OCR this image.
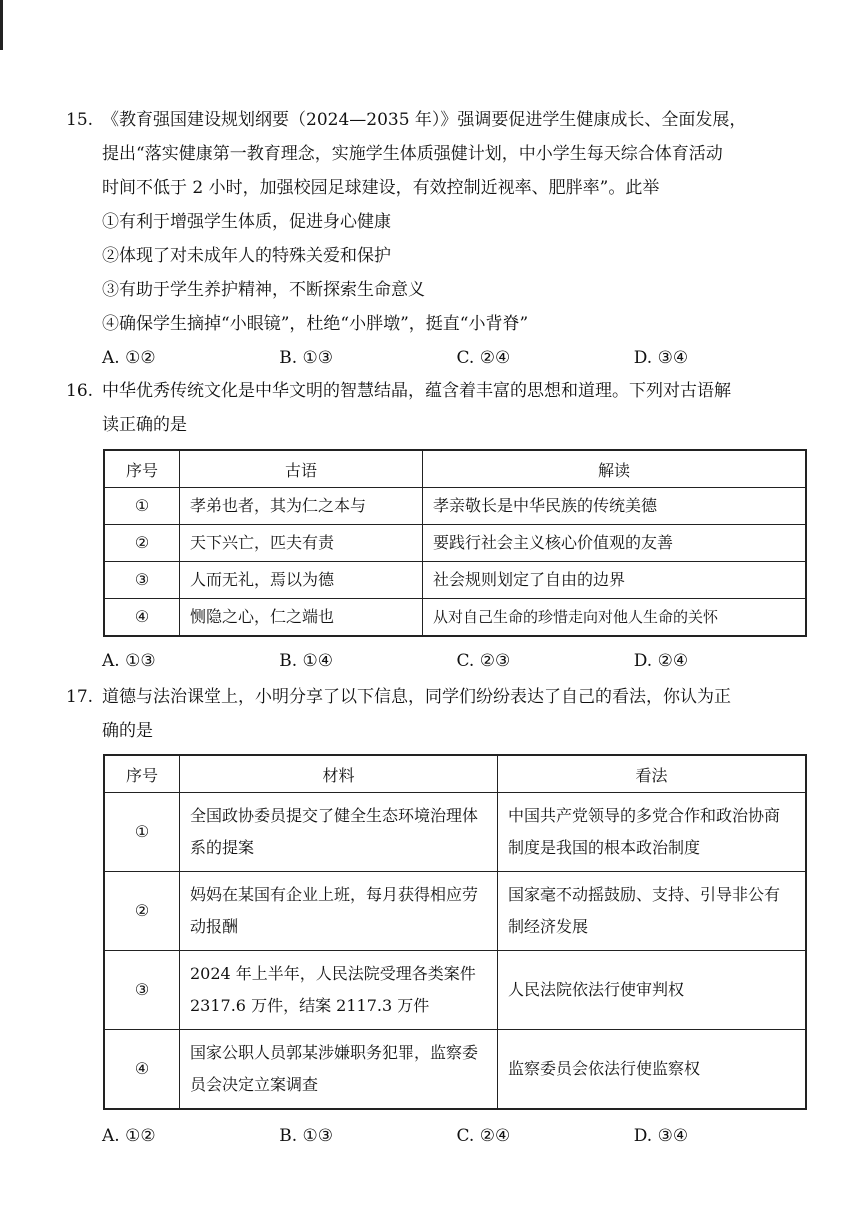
15. 《教育强国建设规划纲要（2024—2035 年）》强调要促进学生健康成长、全面发展，
提出“落实健康第一教育理念，实施学生体质强健计划，中小学生每天综合体育活动
时间不低于 2 小时，加强校园足球建设，有效控制近视率、肥胖率”。此举
①有利于增强学生体质，促进身心健康
②体现了对未成年人的特殊关爱和保护
③有助于学生养护精神，不断探索生命意义
④确保学生摘掉“小眼镜”，杜绝“小胖墩”，挺直“小背脊”
A. ①②	B. ①③	C. ②④	D. ③④
16. 中华优秀传统文化是中华文明的智慧结晶，蕴含着丰富的思想和道理。下列对古语解
读正确的是
序号	古语	解读
①	孝弟也者，其为仁之本与	孝亲敬长是中华民族的传统美德
②	天下兴亡，匹夫有责	要践行社会主义核心价值观的友善
③	人而无礼，焉以为德	社会规则划定了自由的边界
④	恻隐之心，仁之端也	从对自己生命的珍惜走向对他人生命的关怀
A. ①③	B. ①④	C. ②③	D. ②④
17. 道德与法治课堂上，小明分享了以下信息，同学们纷纷表达了自己的看法，你认为正
确的是
序号	材料	看法
①	全国政协委员提交了健全生态环境治理体系的提案	中国共产党领导的多党合作和政治协商制度是我国的根本政治制度
②	妈妈在某国有企业上班，每月获得相应劳动报酬	国家毫不动摇鼓励、支持、引导非公有制经济发展
③	2024 年上半年，人民法院受理各类案件 2317.6 万件，结案 2117.3 万件	人民法院依法行使审判权
④	国家公职人员郭某涉嫌职务犯罪，监察委员会决定立案调查	监察委员会依法行使监察权
A. ①②	B. ①③	C. ②④	D. ③④
